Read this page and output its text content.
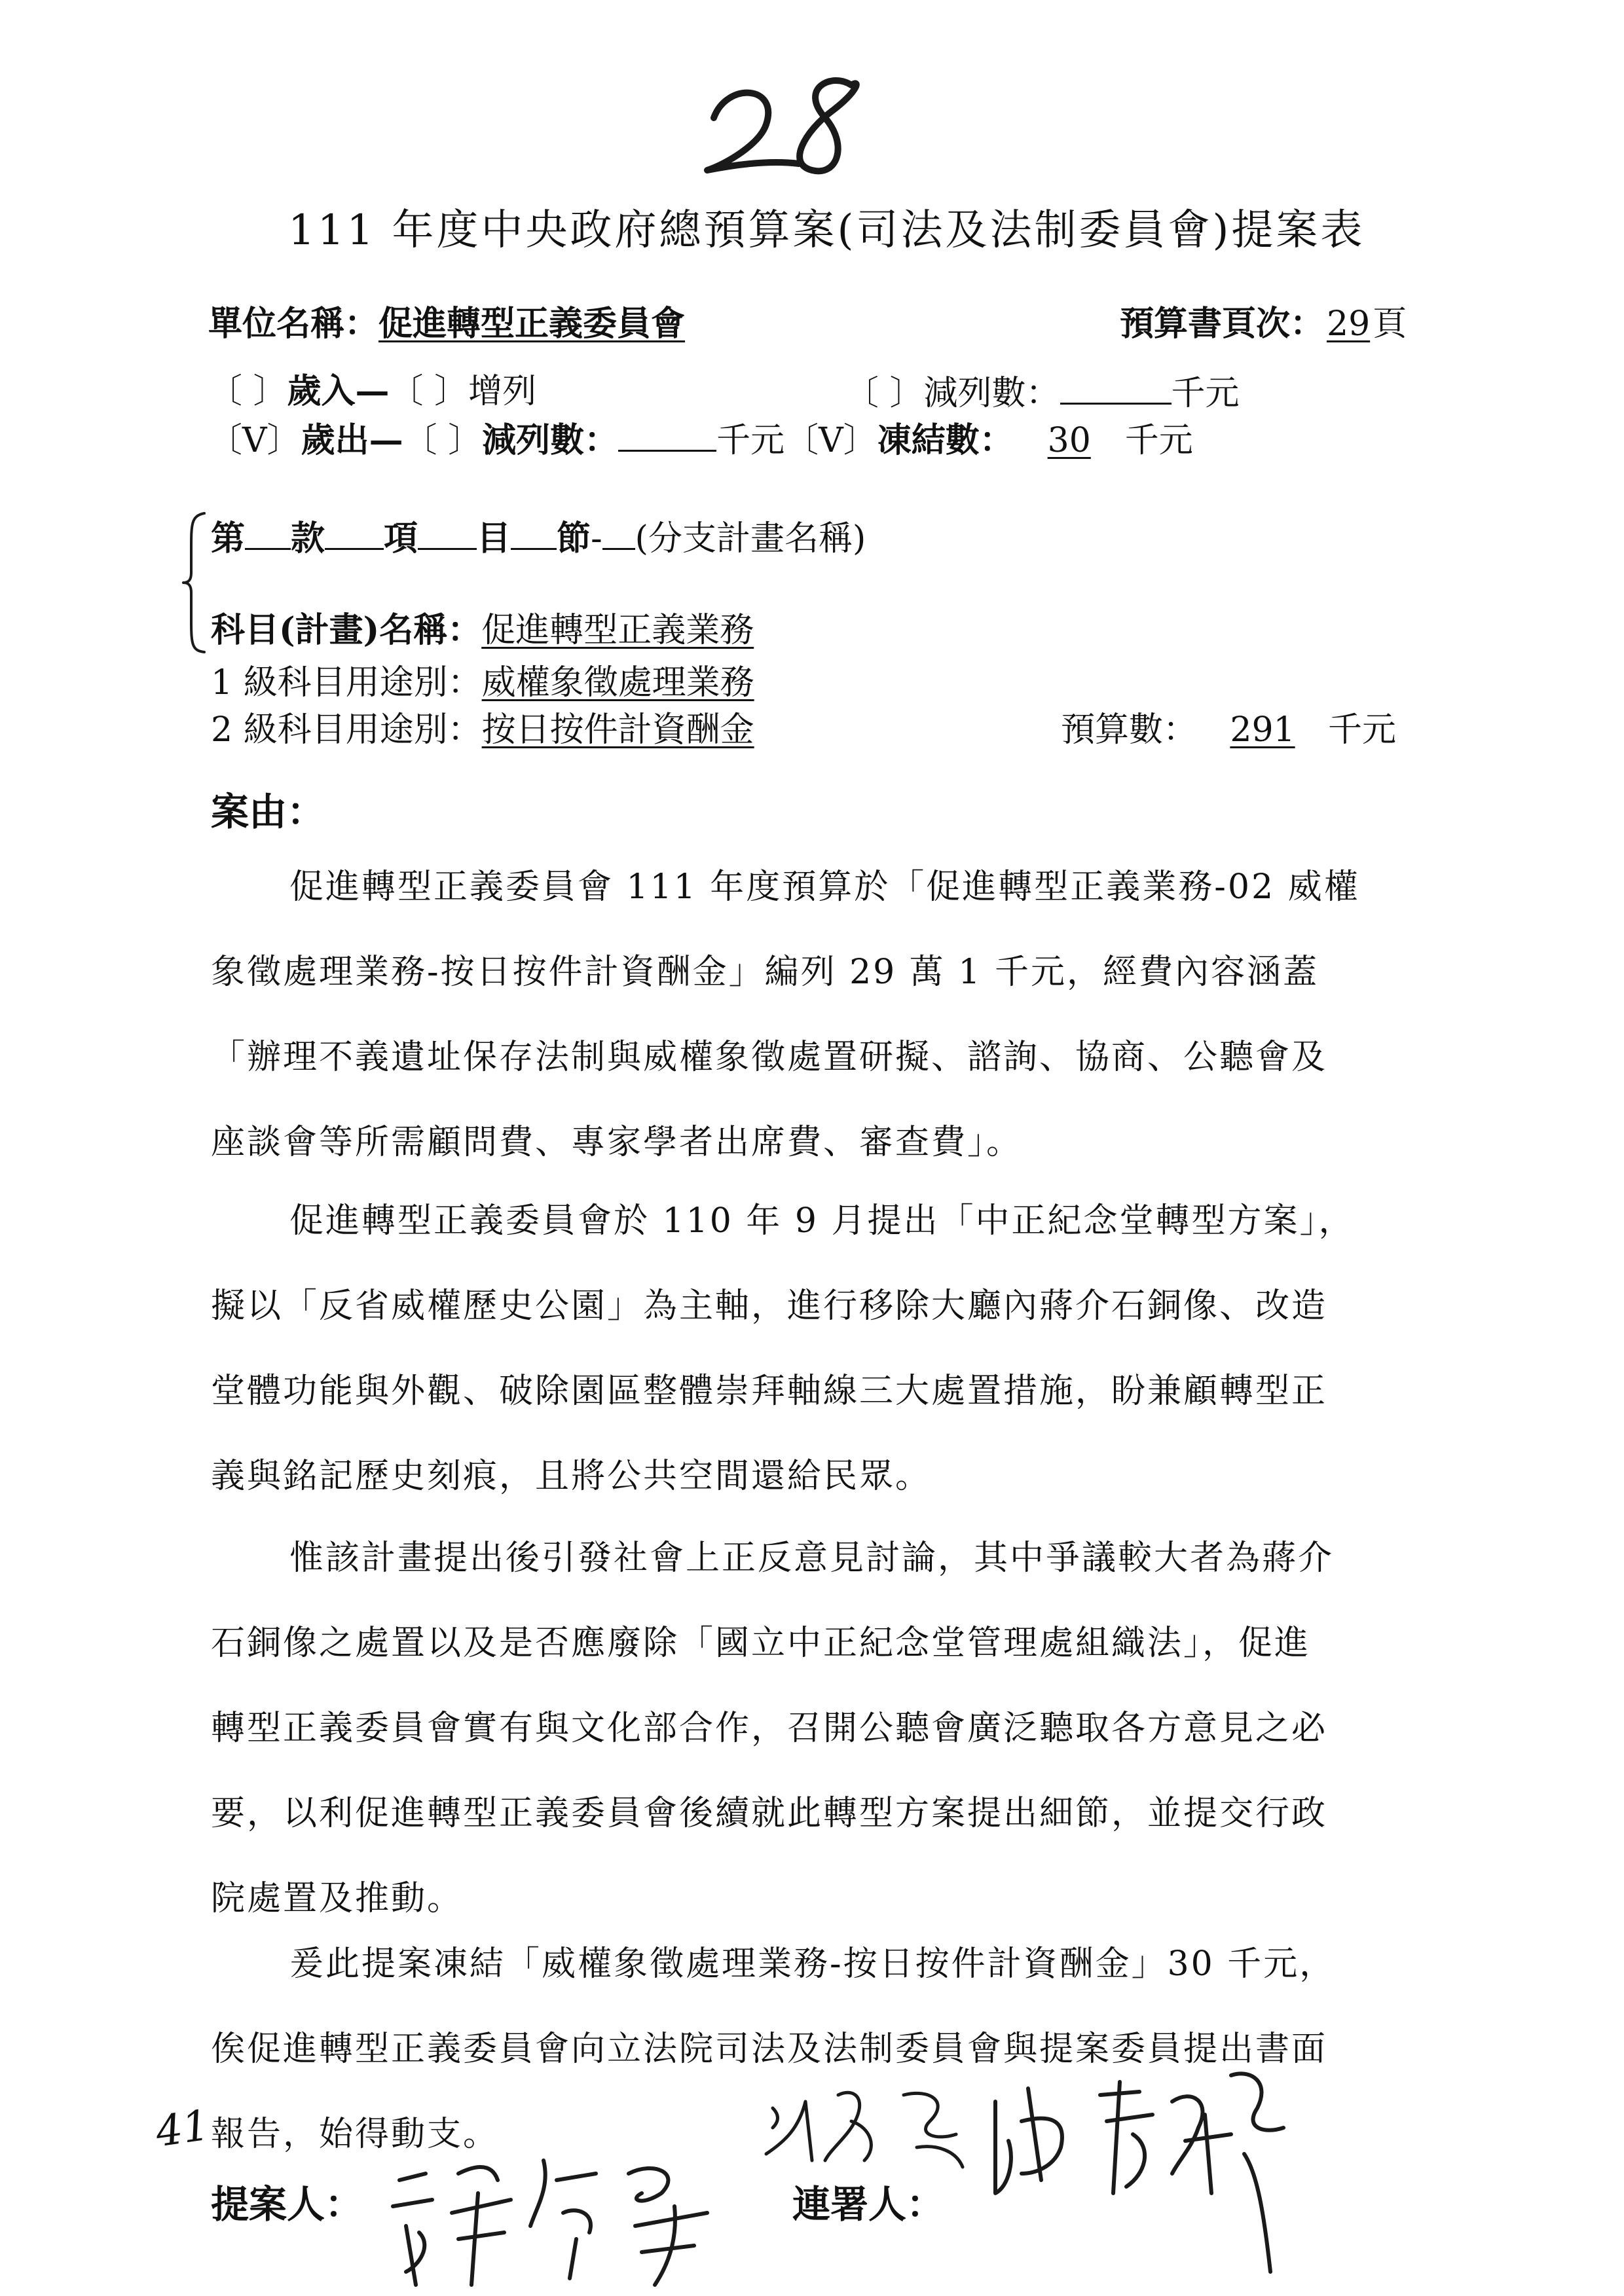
111 年度中央政府總預算案(司法及法制委員會)提案表
單位名稱：促進轉型正義委員會	預算書頁次：29頁
〔 〕歲入—〔 〕增列	〔 〕減列數：	千元
〔V〕歲出—〔 〕減列數：	千元〔V〕凍結數： 30 千元
第 款 項 目 節- (分支計畫名稱)
科目(計畫)名稱：促進轉型正義業務
1 級科目用途別：威權象徵處理業務
2 級科目用途別：按日按件計資酬金	預算數： 291 千元
案由：
促進轉型正義委員會 111 年度預算於「促進轉型正義業務-02 威權
象徵處理業務-按日按件計資酬金」編列 29 萬 1 千元，經費內容涵蓋
「辦理不義遺址保存法制與威權象徵處置研擬、諮詢、協商、公聽會及
座談會等所需顧問費、專家學者出席費、審查費」。
促進轉型正義委員會於 110 年 9 月提出「中正紀念堂轉型方案」，
擬以「反省威權歷史公園」為主軸，進行移除大廳內蔣介石銅像、改造
堂體功能與外觀、破除園區整體崇拜軸線三大處置措施，盼兼顧轉型正
義與銘記歷史刻痕，且將公共空間還給民眾。
惟該計畫提出後引發社會上正反意見討論，其中爭議較大者為蔣介
石銅像之處置以及是否應廢除「國立中正紀念堂管理處組織法」，促進
轉型正義委員會實有與文化部合作，召開公聽會廣泛聽取各方意見之必
要，以利促進轉型正義委員會後續就此轉型方案提出細節，並提交行政
院處置及推動。
爰此提案凍結「威權象徵處理業務-按日按件計資酬金」30 千元，
俟促進轉型正義委員會向立法院司法及法制委員會與提案委員提出書面
報告，始得動支。
41
提案人：	連署人：
